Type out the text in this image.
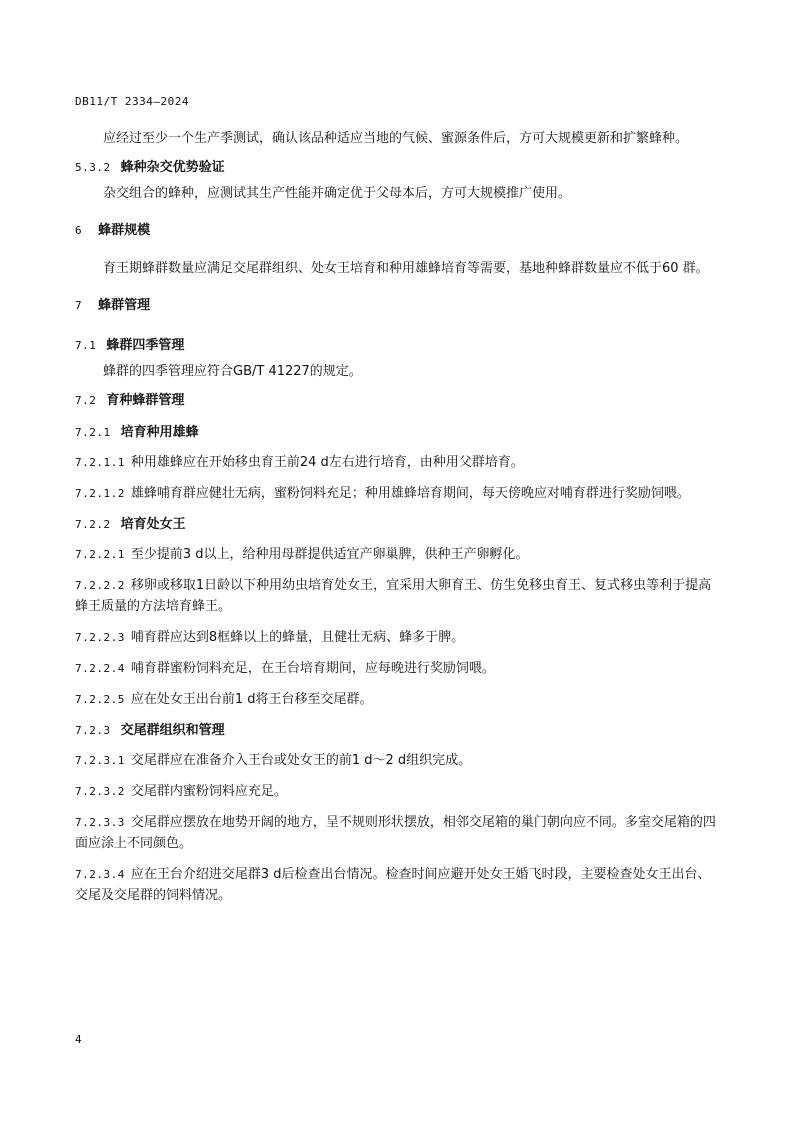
DB11/T 2334—2024

应经过至少一个生产季测试，确认该品种适应当地的气候、蜜源条件后，方可大规模更新和扩繁蜂种。

5.3.2 蜂种杂交优势验证

杂交组合的蜂种，应测试其生产性能并确定优于父母本后，方可大规模推广使用。

6 蜂群规模

育王期蜂群数量应满足交尾群组织、处女王培育和种用雄蜂培育等需要，基地种蜂群数量应不低于60 群。

7 蜂群管理
7.1 蜂群四季管理

蜂群的四季管理应符合GB/T 41227的规定。

7.2 育种蜂群管理
7.2.1 培育种用雄蜂

7.2.1.1 种用雄蜂应在开始移虫育王前24 d左右进行培育，由种用父群培育。

7.2.1.2 雄蜂哺育群应健壮无病，蜜粉饲料充足；种用雄蜂培育期间，每天傍晚应对哺育群进行奖励饲喂。

7.2.2 培育处女王

7.2.2.1 至少提前3 d以上，给种用母群提供适宜产卵巢脾，供种王产卵孵化。

7.2.2.2 移卵或移取1日龄以下种用幼虫培育处女王，宜采用大卵育王、仿生免移虫育王、复式移虫等利于提高蜂王质量的方法培育蜂王。

7.2.2.3 哺育群应达到8框蜂以上的蜂量，且健壮无病、蜂多于脾。

7.2.2.4 哺育群蜜粉饲料充足，在王台培育期间，应每晚进行奖励饲喂。

7.2.2.5 应在处女王出台前1 d将王台移至交尾群。

7.2.3 交尾群组织和管理

7.2.3.1 交尾群应在准备介入王台或处女王的前1 d～2 d组织完成。

7.2.3.2 交尾群内蜜粉饲料应充足。

7.2.3.3 交尾群应摆放在地势开阔的地方，呈不规则形状摆放，相邻交尾箱的巢门朝向应不同。多室交尾箱的四面应涂上不同颜色。

7.2.3.4 应在王台介绍进交尾群3 d后检查出台情况。检查时间应避开处女王婚飞时段，主要检查处女王出台、交尾及交尾群的饲料情况。

4
